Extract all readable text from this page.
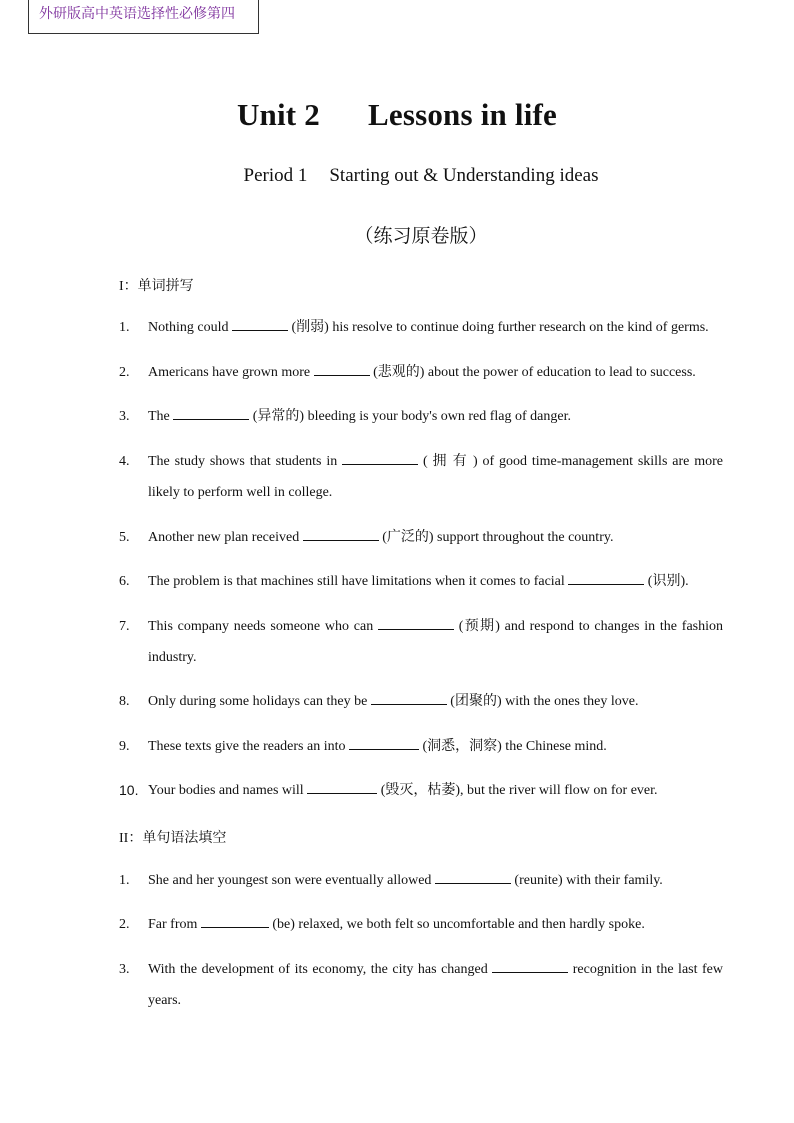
外研版高中英语选择性必修第四
Unit 2 Lessons in life
Period 1 Starting out & Understanding ideas
（练习原卷版）
I：单词拼写
1.	Nothing could	(削弱) his resolve to continue doing further research on the kind of germs.
2.	Americans have grown more	(悲观的) about the power of education to lead to success.
3.	The	(异常的) bleeding is your body's own red flag of danger.
4.	The study shows that students in	( 拥 有 ) of good time-management skills are more likely to perform well in college.
5.	Another new plan received	(广泛的) support throughout the country.
6.	The problem is that machines still have limitations when it comes to facial	(识别).
7.	This company needs someone who can	(预期) and respond to changes in the fashion industry.
8.	Only during some holidays can they be	(团聚的) with the ones they love.
9.	These texts give the readers an into	(洞悉，洞察) the Chinese mind.
10. Your bodies and names will	(毁灭，枯萎), but the river will flow on for ever.
II：单句语法填空
1.	She and her youngest son were eventually allowed	(reunite) with their family.
2.	Far from	(be) relaxed, we both felt so uncomfortable and then hardly spoke.
3.	With the development of its economy, the city has changed	recognition in the last few years.
